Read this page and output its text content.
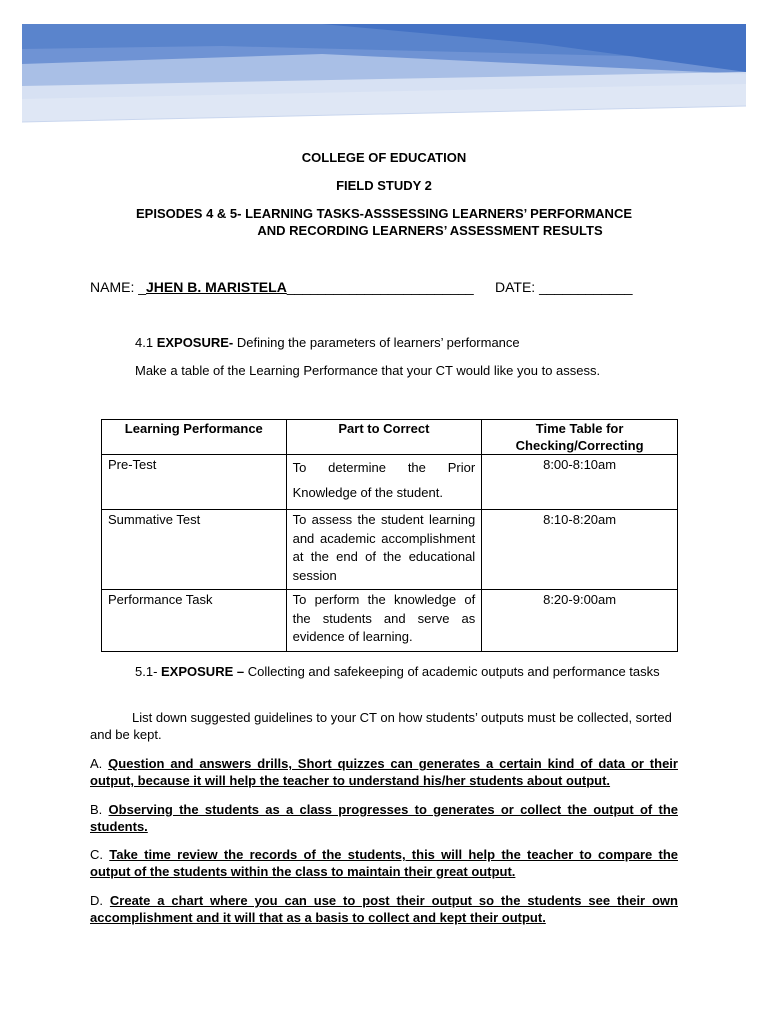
COLLEGE OF EDUCATION
FIELD STUDY 2
EPISODES 4 & 5- LEARNING TASKS-ASSSESSING LEARNERS’ PERFORMANCE
AND RECORDING LEARNERS’ ASSESSMENT RESULTS
NAME: _JHEN B. MARISTELA________________________ DATE: ____________
4.1 EXPOSURE- Defining the parameters of learners’ performance
Make a table of the Learning Performance that your CT would like you to assess.
Learning Performance	Part to Correct	Time Table for Checking/Correcting
Pre-Test	To determine the Prior Knowledge of the student.	8:00-8:10am
Summative Test	To assess the student learning and academic accomplishment at the end of the educational session	8:10-8:20am
Performance Task	To perform the knowledge of the students and serve as evidence of learning.	8:20-9:00am
5.1- EXPOSURE – Collecting and safekeeping of academic outputs and performance tasks
List down suggested guidelines to your CT on how students’ outputs must be collected, sorted and be kept.
A. Question and answers drills, Short quizzes can generates a certain kind of data or their output, because it will help the teacher to understand his/her students about output.
B. Observing the students as a class progresses to generates or collect the output of the students.
C. Take time review the records of the students, this will help the teacher to compare the output of the students within the class to maintain their great output.
D. Create a chart where you can use to post their output so the students see their own accomplishment and it will that as a basis to collect and kept their output.
